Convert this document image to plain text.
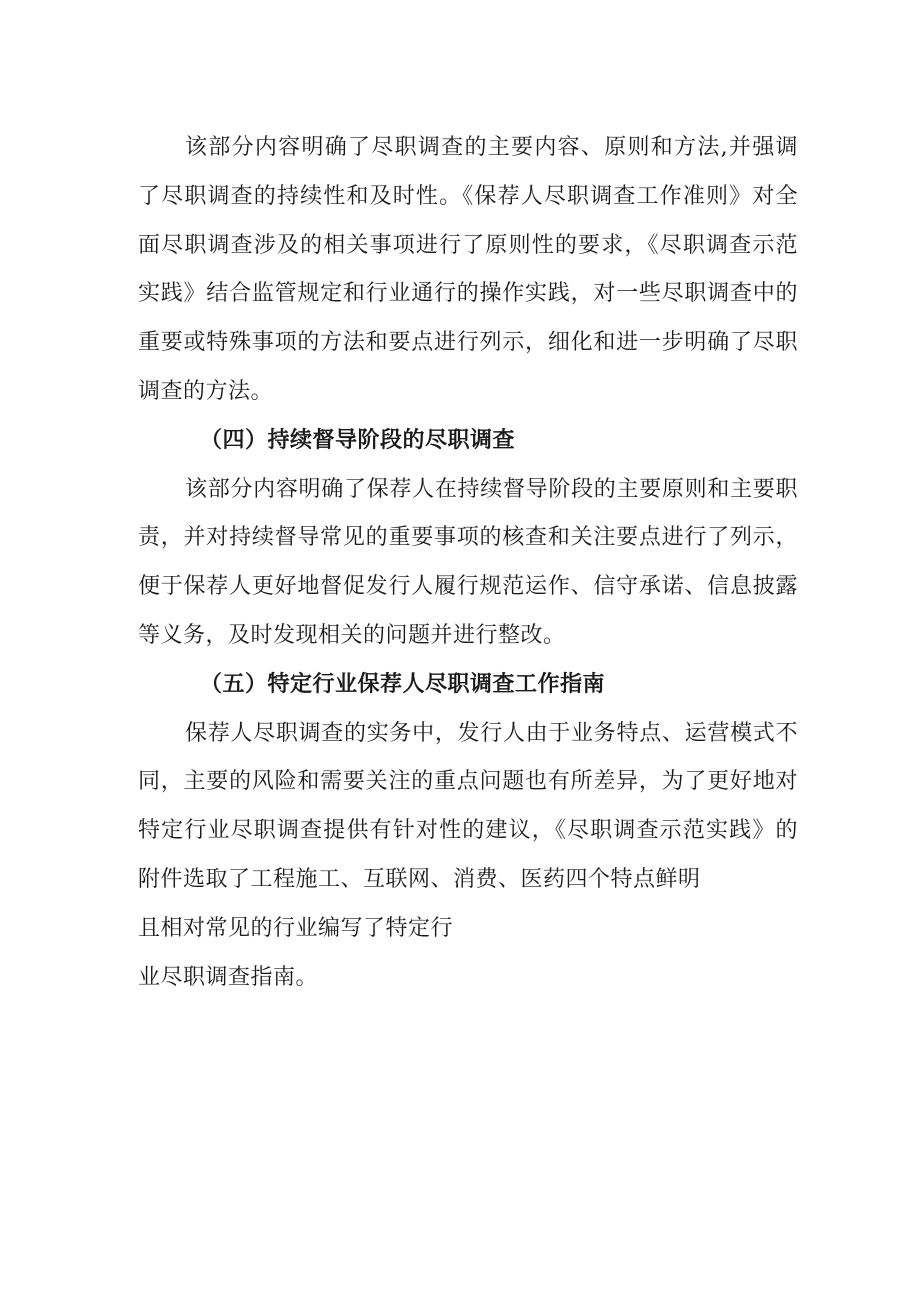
该部分内容明确了尽职调查的主要内容、原则和方法,并强调了尽职调查的持续性和及时性。《保荐人尽职调查工作准则》对全面尽职调查涉及的相关事项进行了原则性的要求，《尽职调查示范实践》结合监管规定和行业通行的操作实践，对一些尽职调查中的重要或特殊事项的方法和要点进行列示，细化和进一步明确了尽职调查的方法。

（四）持续督导阶段的尽职调查

该部分内容明确了保荐人在持续督导阶段的主要原则和主要职责，并对持续督导常见的重要事项的核查和关注要点进行了列示，便于保荐人更好地督促发行人履行规范运作、信守承诺、信息披露等义务，及时发现相关的问题并进行整改。

（五）特定行业保荐人尽职调查工作指南

保荐人尽职调查的实务中，发行人由于业务特点、运营模式不同，主要的风险和需要关注的重点问题也有所差异，为了更好地对特定行业尽职调查提供有针对性的建议，《尽职调查示范实践》的附件选取了工程施工、互联网、消费、医药四个特点鲜明

且相对常见的行业编写了特定行

业尽职调查指南。
